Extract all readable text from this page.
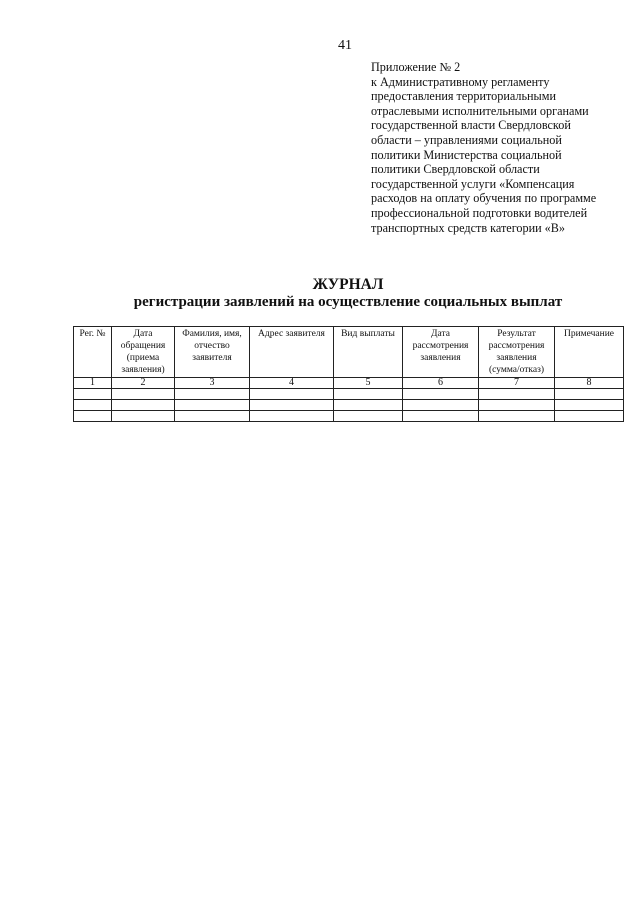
41
Приложение № 2
к Административному регламенту
предоставления территориальными
отраслевыми исполнительными органами
государственной власти Свердловской
области – управлениями социальной
политики Министерства социальной
политики Свердловской области
государственной услуги «Компенсация
расходов на оплату обучения по программе
профессиональной подготовки водителей
транспортных средств категории «В»
ЖУРНАЛ
регистрации заявлений на осуществление социальных выплат
Рег. №	Дата обращения (приема заявления)	Фамилия, имя, отчество заявителя	Адрес заявителя	Вид выплаты	Дата рассмотрения заявления	Результат рассмотрения заявления (сумма/отказ)	Примечание
1	2	3	4	5	6	7	8
